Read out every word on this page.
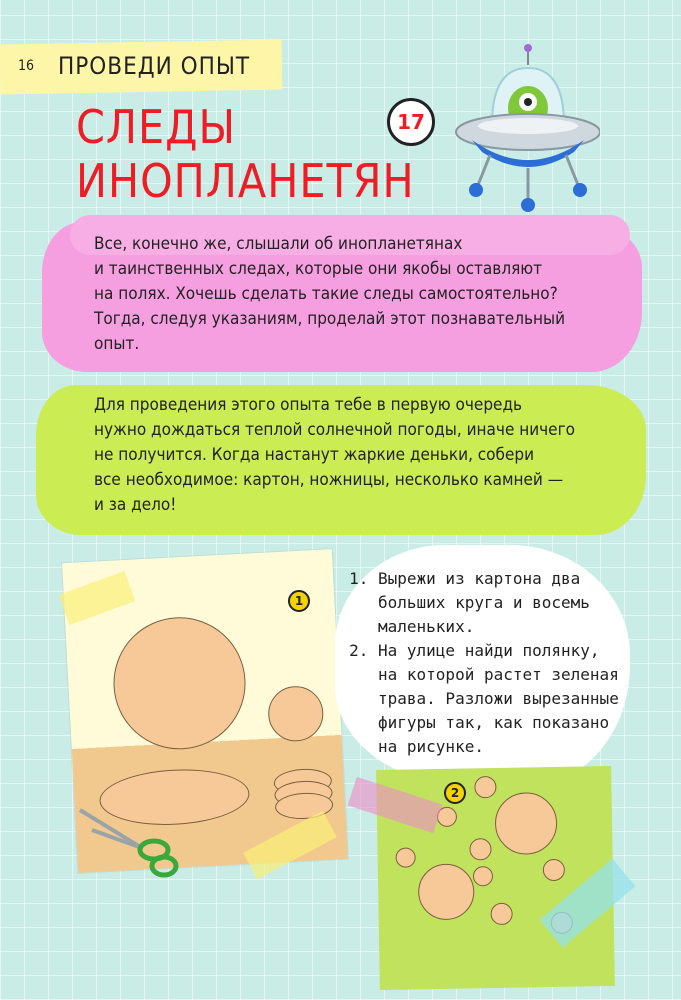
16 ПРОВЕДИ ОПЫТ
СЛЕДЫ
ИНОПЛАНЕТЯН
17
Все, конечно же, слышали об инопланетянах
и таинственных следах, которые они якобы оставляют
на полях. Хочешь сделать такие следы самостоятельно?
Тогда, следуя указаниям, проделай этот познавательный
опыт.
Для проведения этого опыта тебе в первую очередь
нужно дождаться теплой солнечной погоды, иначе ничего
не получится. Когда настанут жаркие деньки, собери
все необходимое: картон, ножницы, несколько камней —
и за дело!
1
1. Вырежи из картона два больших круга и восемь маленьких.
2. На улице найди полянку, на которой растет зеленая трава. Разложи вырезанные фигуры так, как показано на рисунке.
2
